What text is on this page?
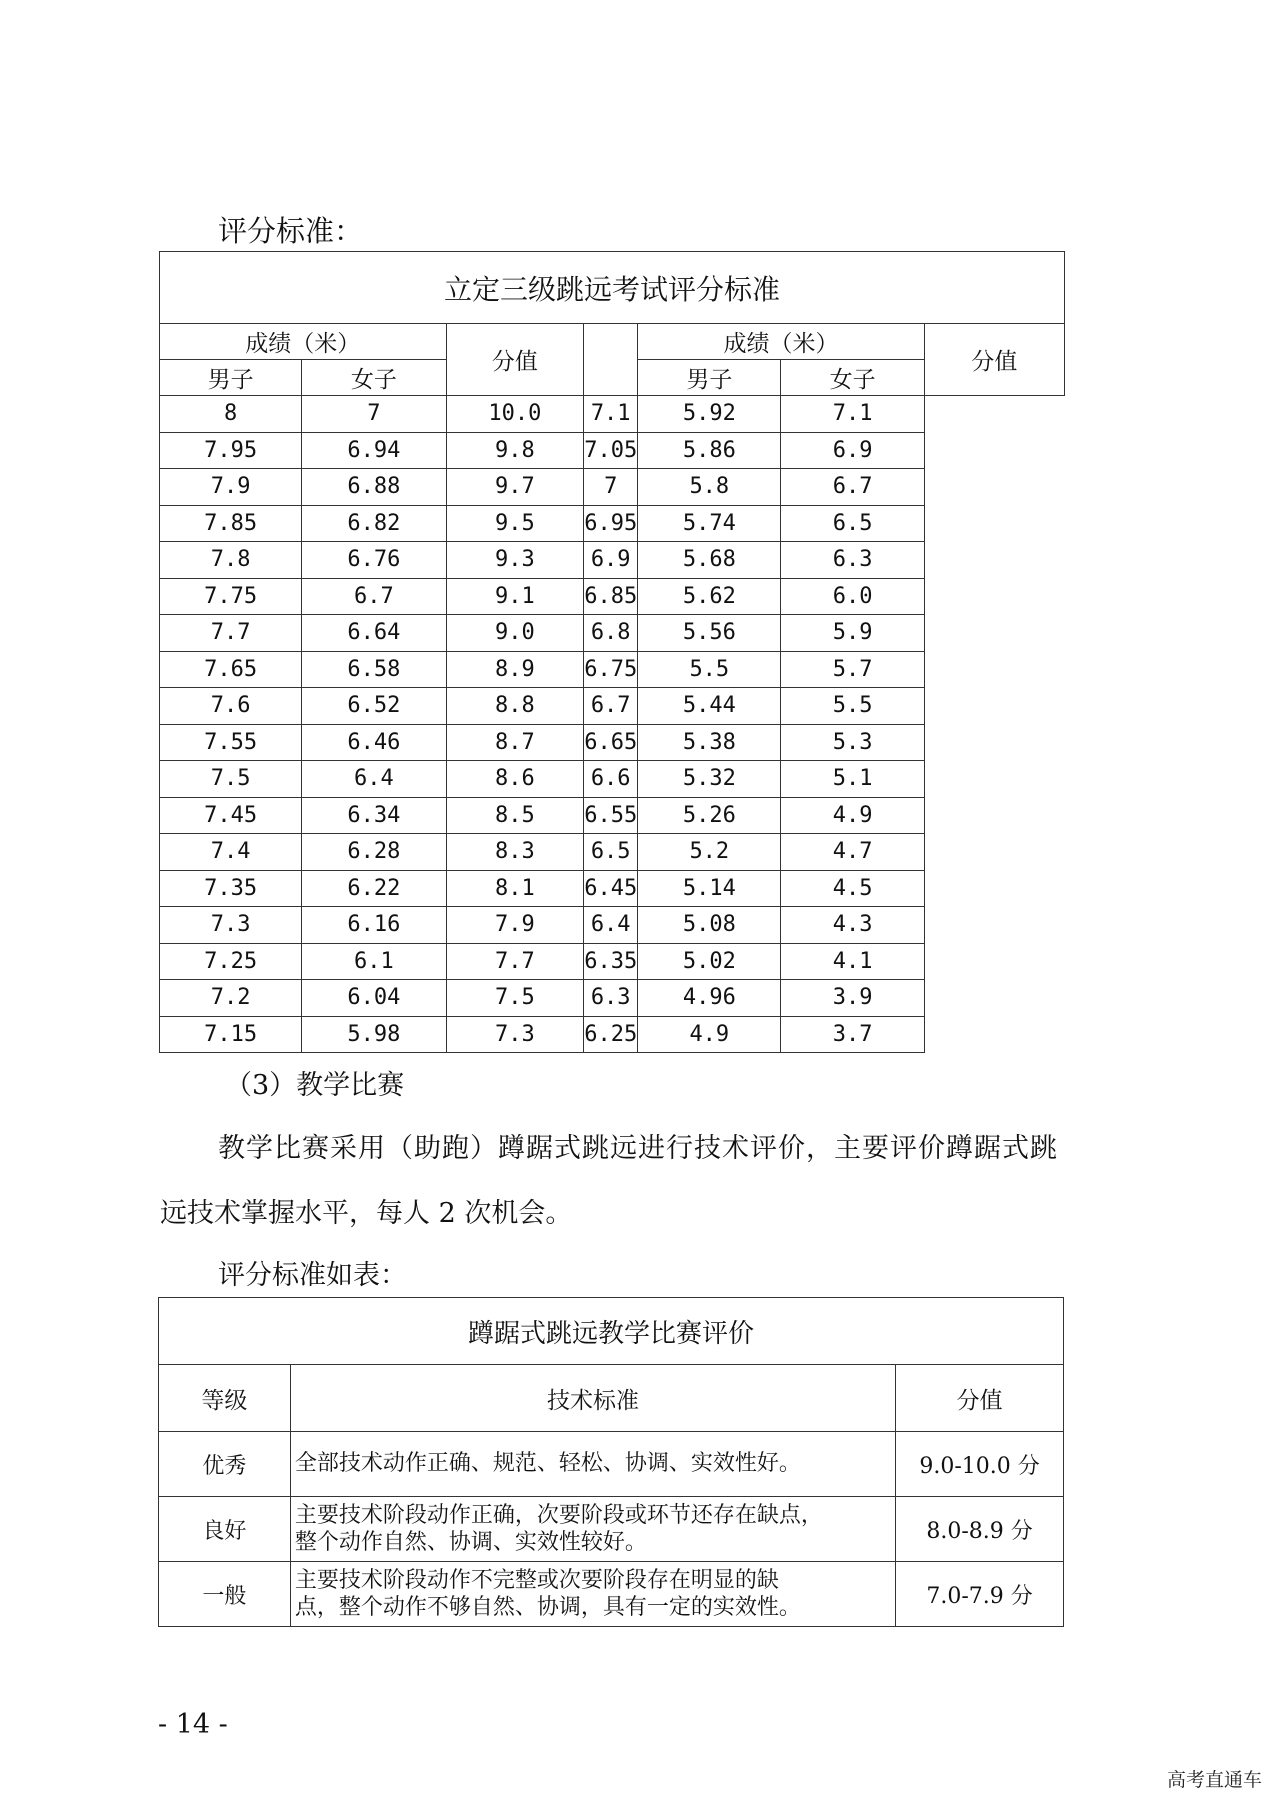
评分标准：
立定三级跳远考试评分标准						
成绩（米）		分值		成绩（米）		分值
男子	女子			男子	女子	
8	7	10.0	7.1	5.92	7.1	
7.95	6.94	9.8	7.05	5.86	6.9	
7.9	6.88	9.7	7	5.8	6.7	
7.85	6.82	9.5	6.95	5.74	6.5	
7.8	6.76	9.3	6.9	5.68	6.3	
7.75	6.7	9.1	6.85	5.62	6.0	
7.7	6.64	9.0	6.8	5.56	5.9	
7.65	6.58	8.9	6.75	5.5	5.7	
7.6	6.52	8.8	6.7	5.44	5.5	
7.55	6.46	8.7	6.65	5.38	5.3	
7.5	6.4	8.6	6.6	5.32	5.1	
7.45	6.34	8.5	6.55	5.26	4.9	
7.4	6.28	8.3	6.5	5.2	4.7	
7.35	6.22	8.1	6.45	5.14	4.5	
7.3	6.16	7.9	6.4	5.08	4.3	
7.25	6.1	7.7	6.35	5.02	4.1	
7.2	6.04	7.5	6.3	4.96	3.9	
7.15	5.98	7.3	6.25	4.9	3.7	
（3）教学比赛
教学比赛采用（助跑）蹲踞式跳远进行技术评价，主要评价蹲踞式跳
远技术掌握水平，每人 2 次机会。
评分标准如表：
蹲踞式跳远教学比赛评价		
等级	技术标准	分值
优秀	全部技术动作正确、规范、轻松、协调、实效性好。	9.0-10.0 分
良好	主要技术阶段动作正确，次要阶段或环节还存在缺点，
整个动作自然、协调、实效性较好。	8.0-8.9 分
一般	主要技术阶段动作不完整或次要阶段存在明显的缺
点，整个动作不够自然、协调，具有一定的实效性。	7.0-7.9 分
- 14 -
高考直通车
